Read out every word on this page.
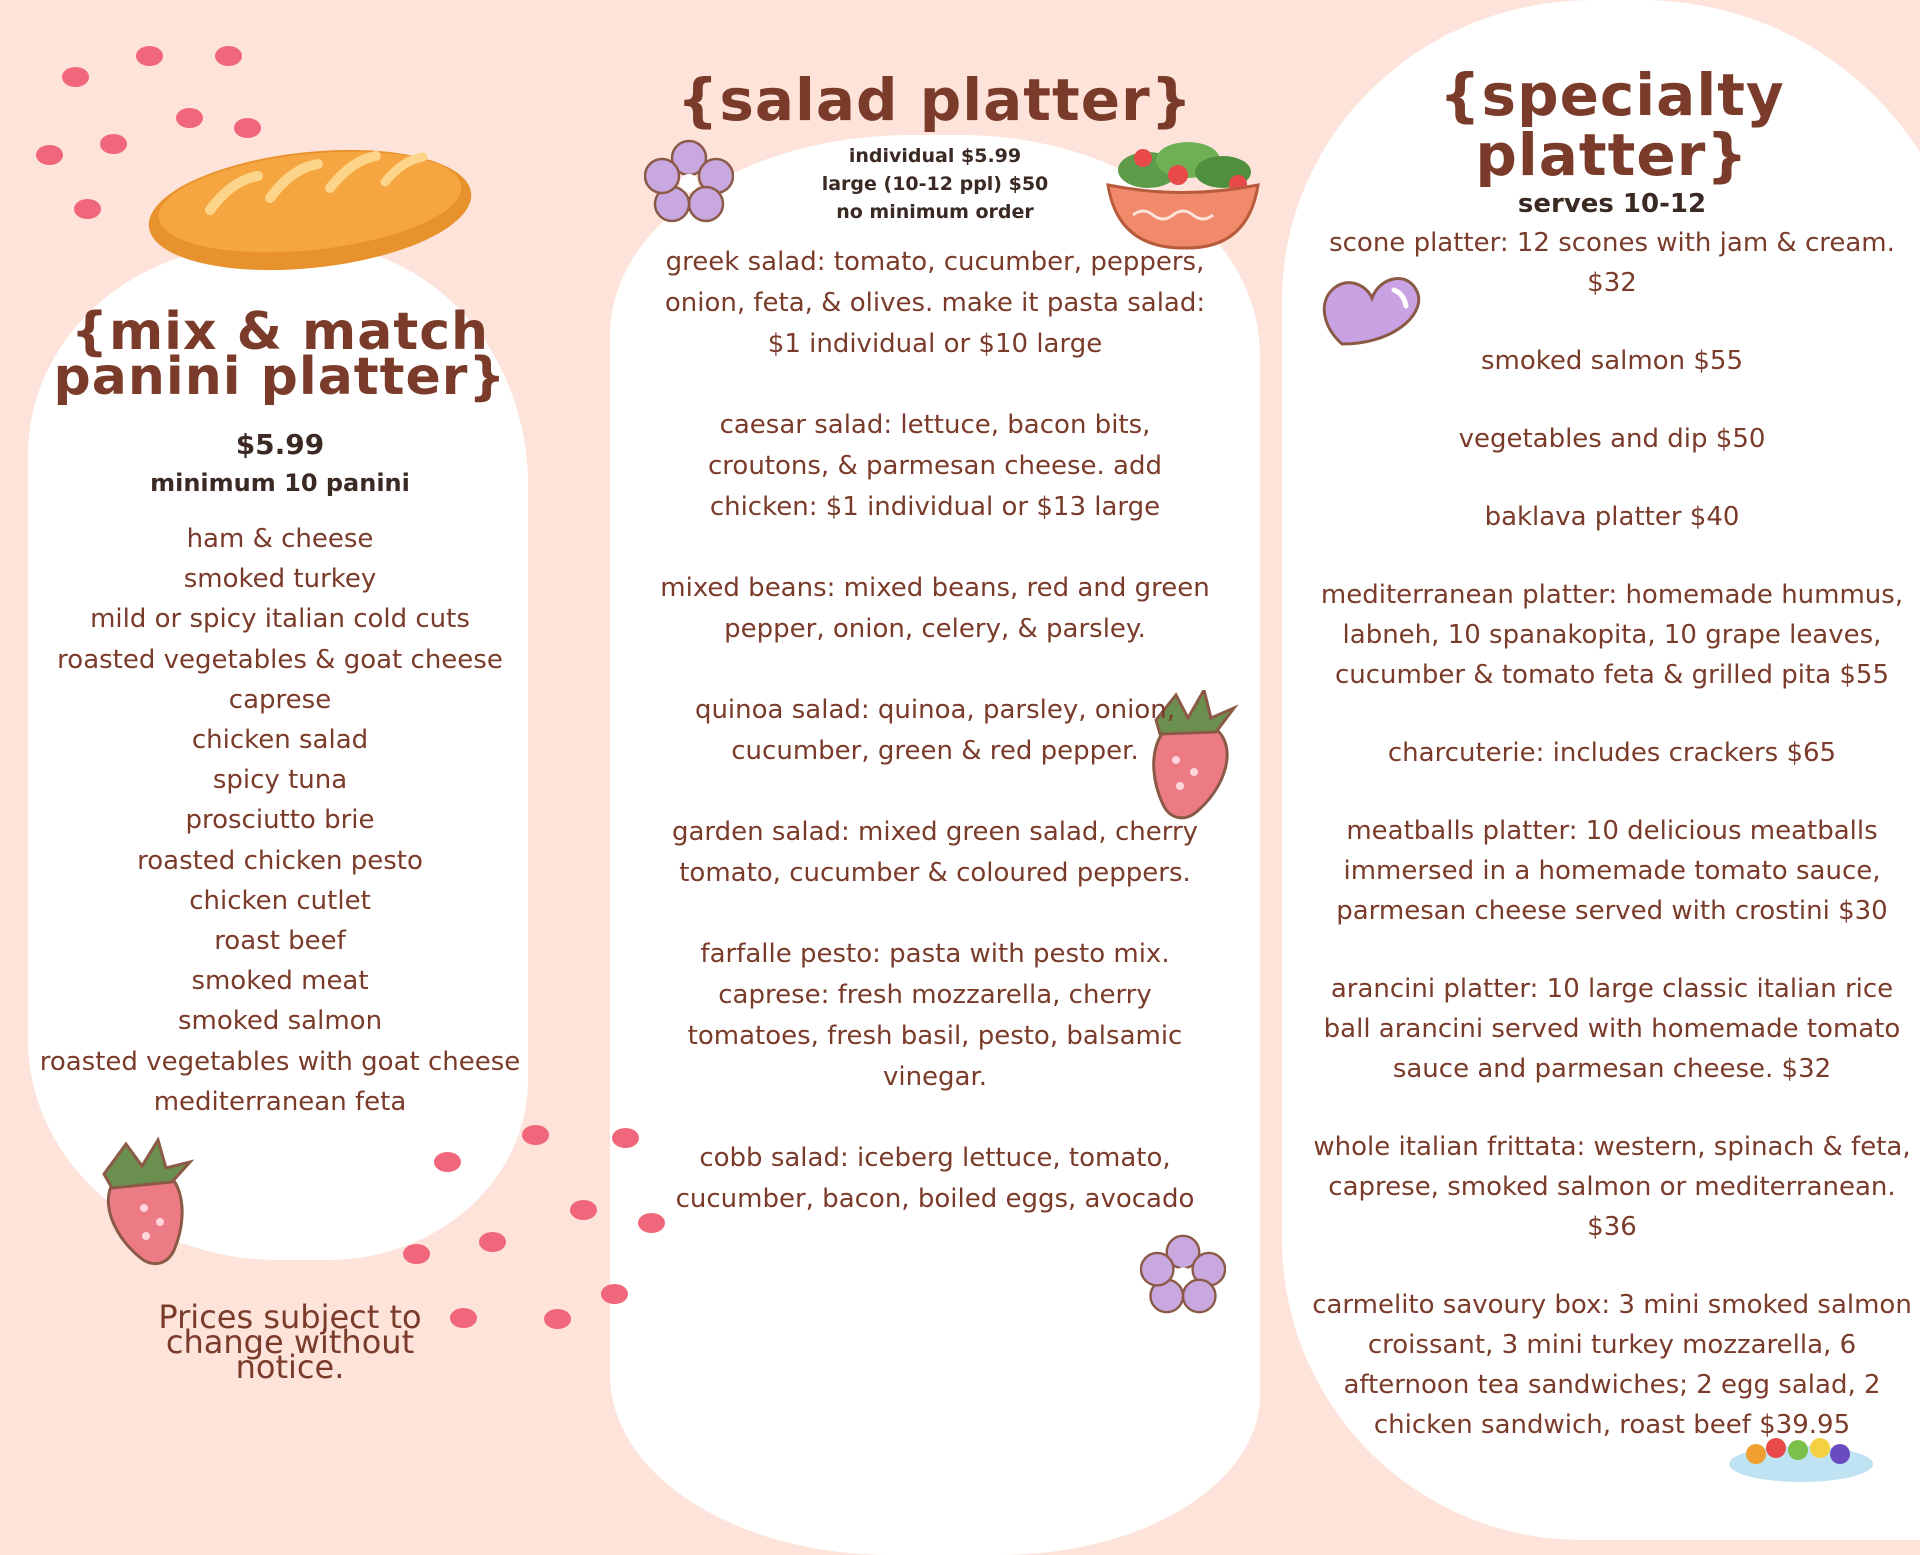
{mix & match
panini platter}
$5.99
minimum 10 panini
ham & cheese
smoked turkey
mild or spicy italian cold cuts
roasted vegetables & goat cheese
caprese
chicken salad
spicy tuna
prosciutto brie
roasted chicken pesto
chicken cutlet
roast beef
smoked meat
smoked salmon
roasted vegetables with goat cheese
mediterranean feta
Prices subject to change without notice.
{salad platter}
individual $5.99
large (10-12 ppl) $50
no minimum order
greek salad: tomato, cucumber, peppers, onion, feta, & olives. make it pasta salad: $1 individual or $10 large
caesar salad: lettuce, bacon bits, croutons, & parmesan cheese. add chicken: $1 individual or $13 large
mixed beans: mixed beans, red and green pepper, onion, celery, & parsley.
quinoa salad: quinoa, parsley, onion, cucumber, green & red pepper.
garden salad: mixed green salad, cherry tomato, cucumber & coloured peppers.
farfalle pesto: pasta with pesto mix.
caprese: fresh mozzarella, cherry tomatoes, fresh basil, pesto, balsamic vinegar.
cobb salad: iceberg lettuce, tomato, cucumber, bacon, boiled eggs, avocado
{specialty platter}
serves 10-12
scone platter: 12 scones with jam & cream. $32
smoked salmon $55
vegetables and dip $50
baklava platter $40
mediterranean platter: homemade hummus, labneh, 10 spanakopita, 10 grape leaves, cucumber & tomato feta & grilled pita $55
charcuterie: includes crackers $65
meatballs platter: 10 delicious meatballs immersed in a homemade tomato sauce, parmesan cheese served with crostini $30
arancini platter: 10 large classic italian rice ball arancini served with homemade tomato sauce and parmesan cheese. $32
whole italian frittata: western, spinach & feta, caprese, smoked salmon or mediterranean. $36
carmelito savoury box: 3 mini smoked salmon croissant, 3 mini turkey mozzarella, 6 afternoon tea sandwiches; 2 egg salad, 2 chicken sandwich, roast beef $39.95
